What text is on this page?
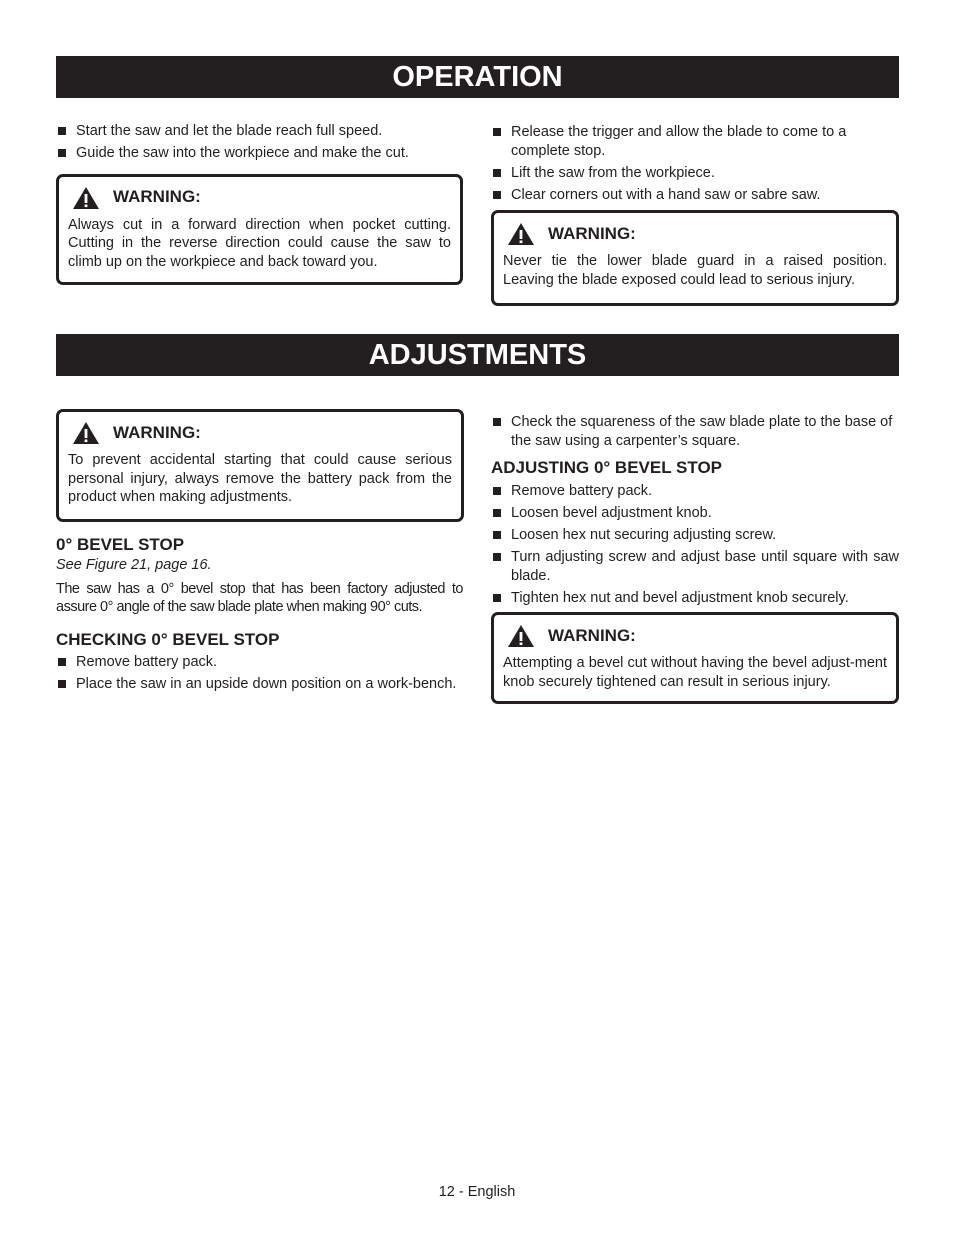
OPERATION
Start the saw and let the blade reach full speed.
Guide the saw into the workpiece and make the cut.
WARNING:

Always cut in a forward direction when pocket cutting. Cutting in the reverse direction could cause the saw to climb up on the workpiece and back toward you.

Release the trigger and allow the blade to come to a complete stop.
Lift the saw from the workpiece.
Clear corners out with a hand saw or sabre saw.
WARNING:

Never tie the lower blade guard in a raised position. Leaving the blade exposed could lead to serious injury.

ADJUSTMENTS
WARNING:

To prevent accidental starting that could cause serious personal injury, always remove the battery pack from the product when making adjustments.

0° BEVEL STOP

See Figure 21, page 16.

The saw has a 0° bevel stop that has been factory adjusted to assure 0° angle of the saw blade plate when making 90° cuts.

CHECKING 0° BEVEL STOP
Remove battery pack.
Place the saw in an upside down position on a work-bench.
Check the squareness of the saw blade plate to the base of the saw using a carpenter’s square.
ADJUSTING 0° BEVEL STOP
Remove battery pack.
Loosen bevel adjustment knob.
Loosen hex nut securing adjusting screw.
Turn adjusting screw and adjust base until square with saw blade.
Tighten hex nut and bevel adjustment knob securely.
WARNING:

Attempting a bevel cut without having the bevel adjust-ment knob securely tightened can result in serious injury.

12 - English
